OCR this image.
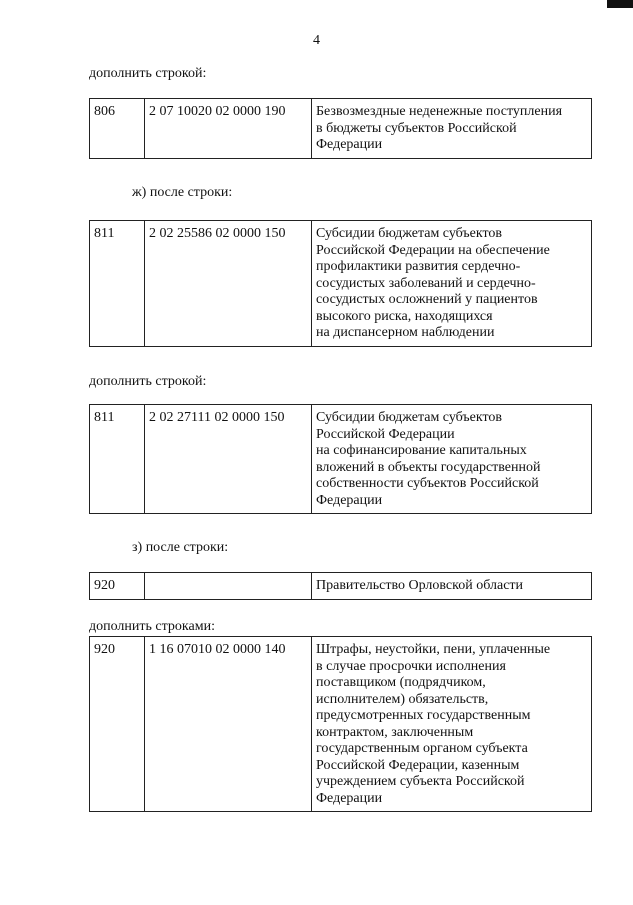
4
дополнить строкой:
806	2 07 10020 02 0000 190	Безвозмездные неденежные поступления
в бюджеты субъектов Российской
Федерации
ж) после строки:
811	2 02 25586 02 0000 150	Субсидии бюджетам субъектов
Российской Федерации на обеспечение
профилактики развития сердечно-
сосудистых заболеваний и сердечно-
сосудистых осложнений у пациентов
высокого риска, находящихся
на диспансерном наблюдении
дополнить строкой:
811	2 02 27111 02 0000 150	Субсидии бюджетам субъектов
Российской Федерации
на софинансирование капитальных
вложений в объекты государственной
собственности субъектов Российской
Федерации
з) после строки:
920		Правительство Орловской области
дополнить строками:
920	1 16 07010 02 0000 140	Штрафы, неустойки, пени, уплаченные
в случае просрочки исполнения
поставщиком (подрядчиком,
исполнителем) обязательств,
предусмотренных государственным
контрактом, заключенным
государственным органом субъекта
Российской Федерации, казенным
учреждением субъекта Российской
Федерации
